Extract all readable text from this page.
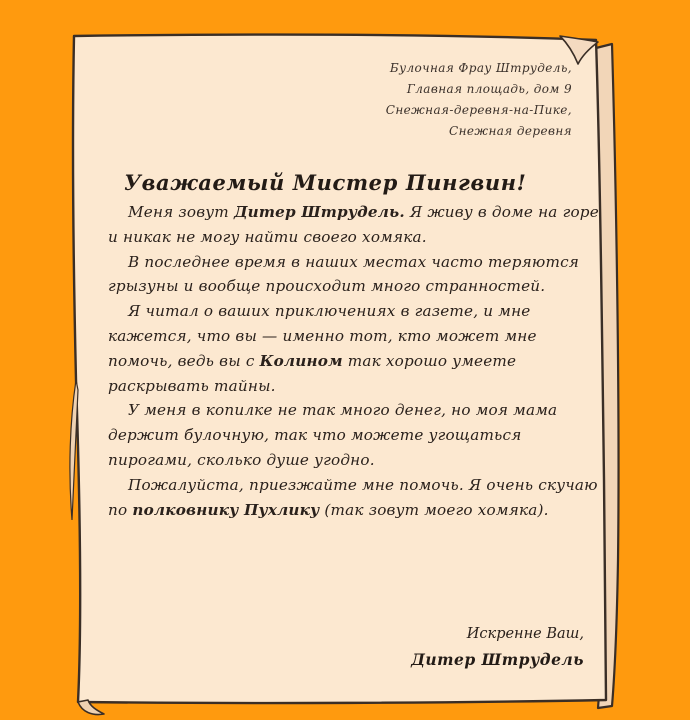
Булочная Фрау Штрудель,
Главная площадь, дом 9
Снежная-деревня-на-Пике,
Снежная деревня
Уважаемый Мистер Пингвин!

Меня зовут Дитер Штрудель. Я живу в доме на горе и никак не могу найти своего хомяка.

В последнее время в наших местах часто теряются грызуны и вообще происходит много странностей.

Я читал о ваших приключениях в газете, и мне кажется, что вы — именно тот, кто может мне помочь, ведь вы с Колином так хорошо умеете раскрывать тайны.

У меня в копилке не так много денег, но моя мама держит булочную, так что можете угощаться пирогами, сколько душе угодно.

Пожалуйста, приезжайте мне помочь. Я очень скучаю по полковнику Пухлику (так зовут моего хомяка).

Искренне Ваш,
Дитер Штрудель
